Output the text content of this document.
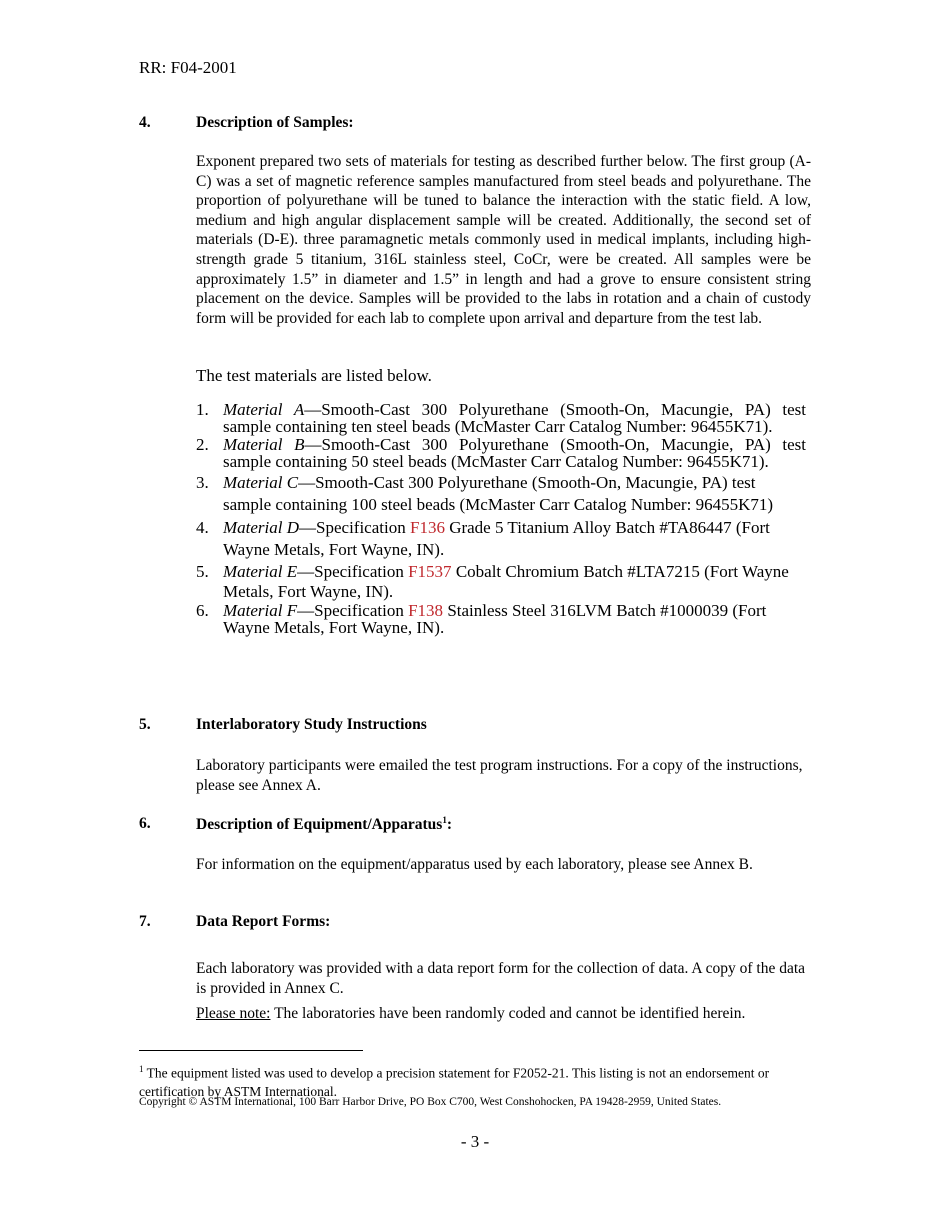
RR: F04-2001
4.	Description of Samples:
Exponent prepared two sets of materials for testing as described further below. The first group (A-C) was a set of magnetic reference samples manufactured from steel beads and polyurethane. The proportion of polyurethane will be tuned to balance the interaction with the static field. A low, medium and high angular displacement sample will be created. Additionally, the second set of materials (D-E). three paramagnetic metals commonly used in medical implants, including high-strength grade 5 titanium, 316L stainless steel, CoCr, were be created. All samples were be approximately 1.5” in diameter and 1.5” in length and had a grove to ensure consistent string placement on the device. Samples will be provided to the labs in rotation and a chain of custody form will be provided for each lab to complete upon arrival and departure from the test lab.
The test materials are listed below.
1. Material A—Smooth-Cast 300 Polyurethane (Smooth-On, Macungie, PA) test sample containing ten steel beads (McMaster Carr Catalog Number: 96455K71).
2. Material B—Smooth-Cast 300 Polyurethane (Smooth-On, Macungie, PA) test sample containing 50 steel beads (McMaster Carr Catalog Number: 96455K71).
3. Material C—Smooth-Cast 300 Polyurethane (Smooth-On, Macungie, PA) test sample containing 100 steel beads (McMaster Carr Catalog Number: 96455K71)
4. Material D—Specification F136 Grade 5 Titanium Alloy Batch #TA86447 (Fort Wayne Metals, Fort Wayne, IN).
5. Material E—Specification F1537 Cobalt Chromium Batch #LTA7215 (Fort Wayne Metals, Fort Wayne, IN).
6. Material F—Specification F138 Stainless Steel 316LVM Batch #1000039 (Fort Wayne Metals, Fort Wayne, IN).
5.	Interlaboratory Study Instructions
Laboratory participants were emailed the test program instructions. For a copy of the instructions, please see Annex A.
6.	Description of Equipment/Apparatus$^1$:
For information on the equipment/apparatus used by each laboratory, please see Annex B.
7.	Data Report Forms:
Each laboratory was provided with a data report form for the collection of data. A copy of the data is provided in Annex C.
Please note: The laboratories have been randomly coded and cannot be identified herein.
$^1$ The equipment listed was used to develop a precision statement for F2052-21. This listing is not an endorsement or certification by ASTM International.
Copyright © ASTM International, 100 Barr Harbor Drive, PO Box C700, West Conshohocken, PA 19428-2959, United States.
- 3 -
